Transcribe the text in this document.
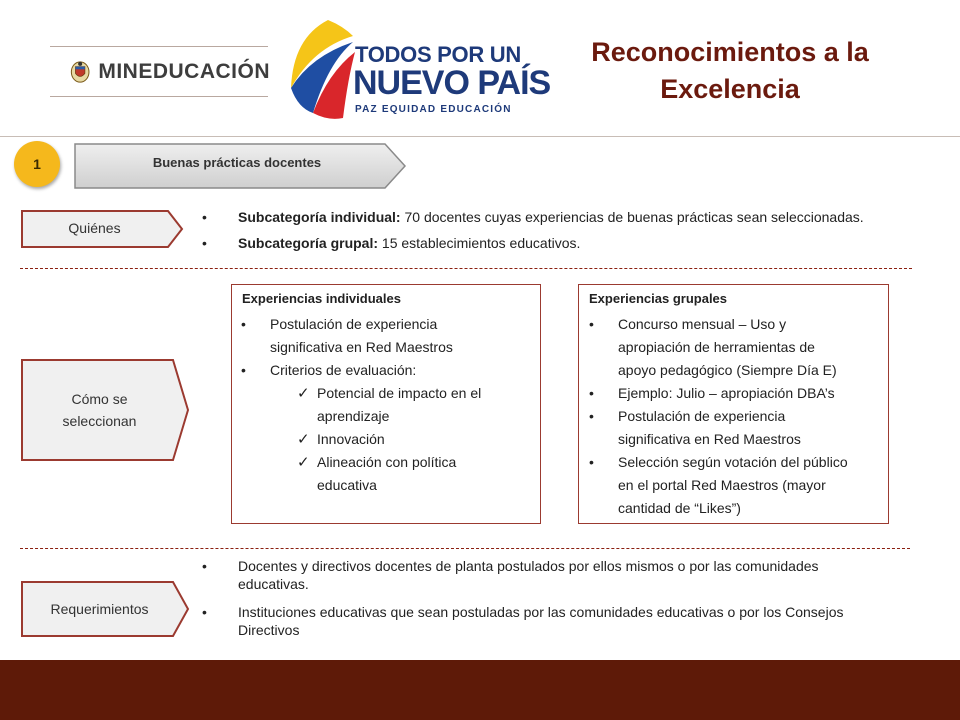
MINEDUCACIÓN
TODOS POR UN
NUEVO PAÍS
PAZ EQUIDAD EDUCACIÓN
Reconocimientos a la
Excelencia
1	Buenas prácticas docentes
Quiénes
• Subcategoría individual: 70 docentes cuyas experiencias de buenas prácticas sean seleccionadas.
• Subcategoría grupal: 15 establecimientos educativos.
Cómo se
seleccionan
Experiencias individuales
• Postulación de experiencia
significativa en Red Maestros
• Criterios de evaluación:
✓ Potencial de impacto en el
aprendizaje
✓ Innovación
✓ Alineación con política
educativa
Experiencias grupales
• Concurso mensual – Uso y
apropiación de herramientas de
apoyo pedagógico (Siempre Día E)
• Ejemplo: Julio – apropiación DBA’s
• Postulación de experiencia
significativa en Red Maestros
• Selección según votación del público
en el portal Red Maestros (mayor
cantidad de “Likes”)
Requerimientos
• Docentes y directivos docentes de planta postulados por ellos mismos o por las comunidades
educativas.
• Instituciones educativas que sean postuladas por las comunidades educativas o por los Consejos
Directivos
